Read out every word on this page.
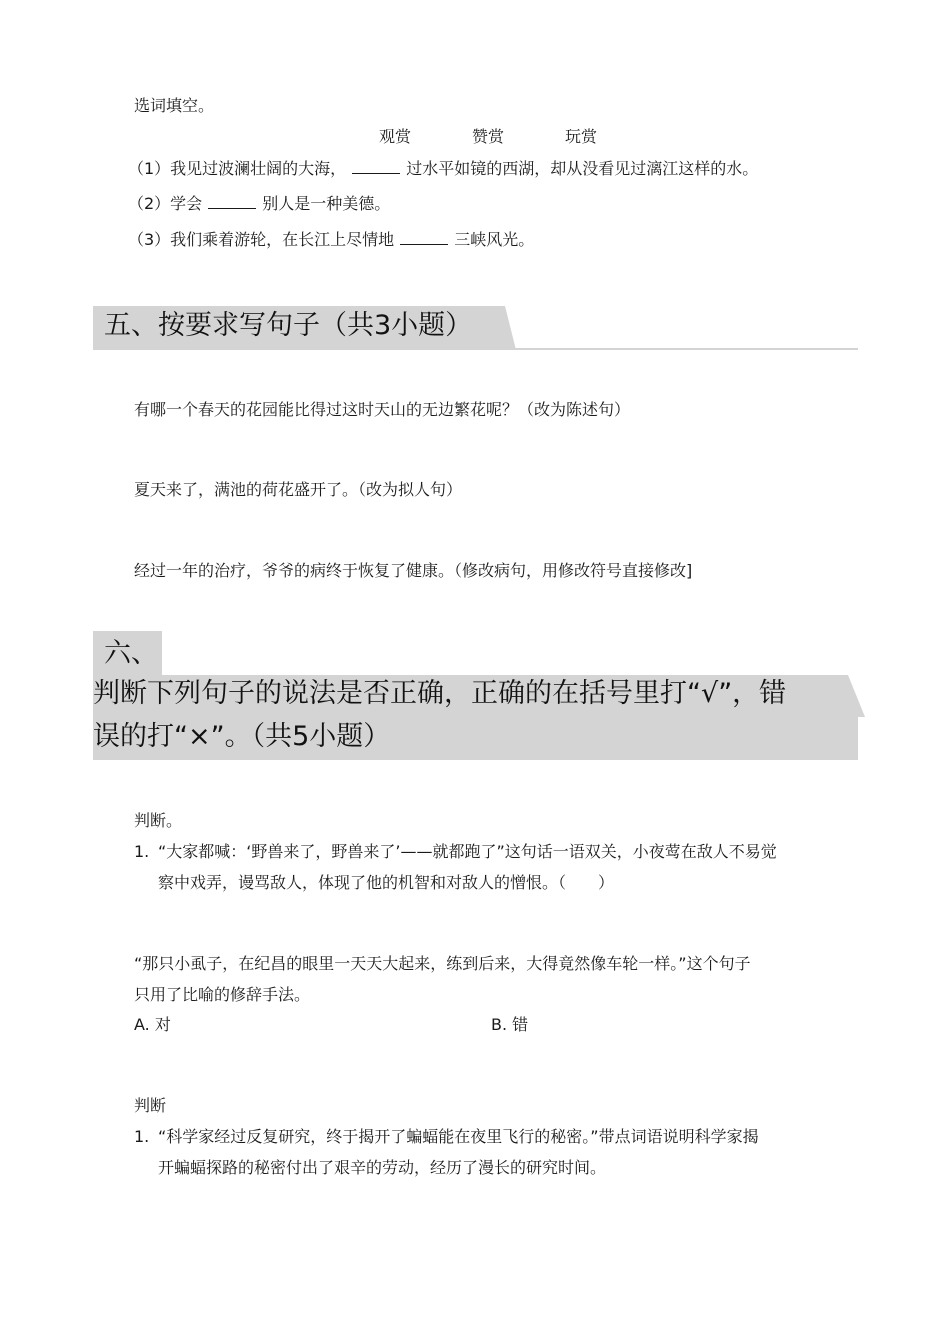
选词填空。
观赏	赞赏	玩赏
（1）我见过波澜壮阔的大海，	过水平如镜的西湖，却从没看见过漓江这样的水。
（2）学会	别人是一种美德。
（3）我们乘着游轮，在长江上尽情地	三峡风光。
五、按要求写句子（共3小题）
有哪一个春天的花园能比得过这时天山的无边繁花呢？（改为陈述句）
夏天来了，满池的荷花盛开了。（改为拟人句）
经过一年的治疗，爷爷的病终于恢复了健康。（修改病句，用修改符号直接修改]
六、
判断下列句子的说法是否正确，正确的在括号里打“√”，错
误的打“×”。（共5小题）
判断。
1. “大家都喊：‘野兽来了，野兽来了’——就都跑了”这句话一语双关，小夜莺在敌人不易觉
察中戏弄，谩骂敌人，体现了他的机智和对敌人的憎恨。（　　）
“那只小虱子，在纪昌的眼里一天天大起来，练到后来，大得竟然像车轮一样。”这个句子
只用了比喻的修辞手法。
A. 对	B. 错
判断
1. “科学家经过反复研究，终于揭开了蝙蝠能在夜里飞行的秘密。”带点词语说明科学家揭
开蝙蝠探路的秘密付出了艰辛的劳动，经历了漫长的研究时间。
